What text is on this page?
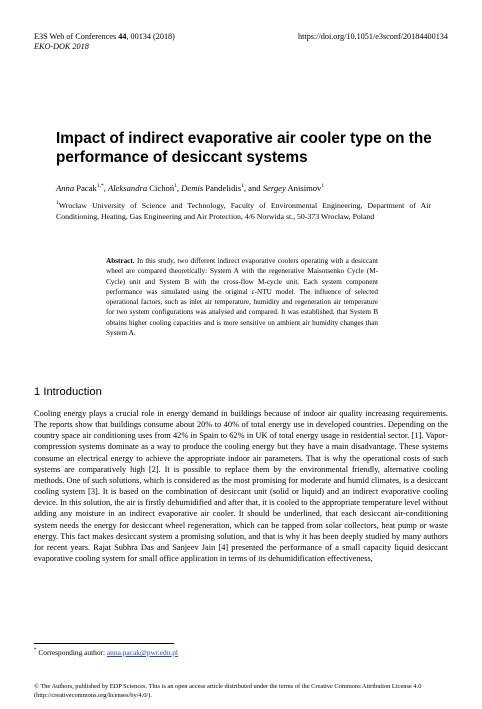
E3S Web of Conferences 44, 00134 (2018)
EKO-DOK 2018
https://doi.org/10.1051/e3sconf/20184400134
Impact of indirect evaporative air cooler type on the performance of desiccant systems
Anna Pacak$^{1,*}$, Aleksandra Cichoń$^1$, Demis Pandelidis$^1$, and Sergey Anisimov$^1$
$^1$Wrocław University of Science and Technology, Faculty of Environmental Engineering, Department of Air Conditioning, Heating, Gas Engineering and Air Protection, 4/6 Norwida st., 50-373 Wrocław, Poland
Abstract. In this study, two different indirect evaporative coolers operating with a desiccant wheel are compared theoretically: System A with the regenerative Maisotsenko Cycle (M-Cycle) unit and System B with the cross-flow M-cycle unit. Each system component performance was simulated using the original ε-NTU model. The influence of selected operational factors, such as inlet air temperature, humidity and regeneration air temperature for two system configurations was analysed and compared. It was established, that System B obtains higher cooling capacities and is more sensitive on ambient air humidity changes than System A.
1 Introduction
Cooling energy plays a crucial role in energy demand in buildings because of indoor air quality increasing requirements. The reports show that buildings consume about 20% to 40% of total energy use in developed countries. Depending on the country space air conditioning uses from 42% in Spain to 62% in UK of total energy usage in residential sector. [1]. Vapor-compression systems dominate as a way to produce the cooling energy but they have a main disadvantage. These systems consume an electrical energy to achieve the appropriate indoor air parameters. That is why the operational costs of such systems are comparatively high [2]. It is possible to replace them by the environmental friendly, alternative cooling methods. One of such solutions, which is considered as the most promising for moderate and humid climates, is a desiccant cooling system [3]. It is based on the combination of desiccant unit (solid or liquid) and an indirect evaporative cooling device. In this solution, the air is firstly dehumidified and after that, it is cooled to the appropriate temperature level without adding any moisture in an indirect evaporative air cooler. It should be underlined, that each desiccant air-conditioning system needs the energy for desiccant wheel regeneration, which can be tapped from solar collectors, heat pump or waste energy. This fact makes desiccant system a promising solution, and that is why it has been deeply studied by many authors for recent years. Rajat Subhra Das and Sanjeev Jain [4] presented the performance of a small capacity liquid desiccant evaporative cooling system for small office application in terms of its dehumidification effectiveness,
* Corresponding author: anna.pacak@pwr.edu.pl
© The Authors, published by EDP Sciences. This is an open access article distributed under the terms of the Creative Commons Attribution License 4.0 (http://creativecommons.org/licenses/by/4.0/).
